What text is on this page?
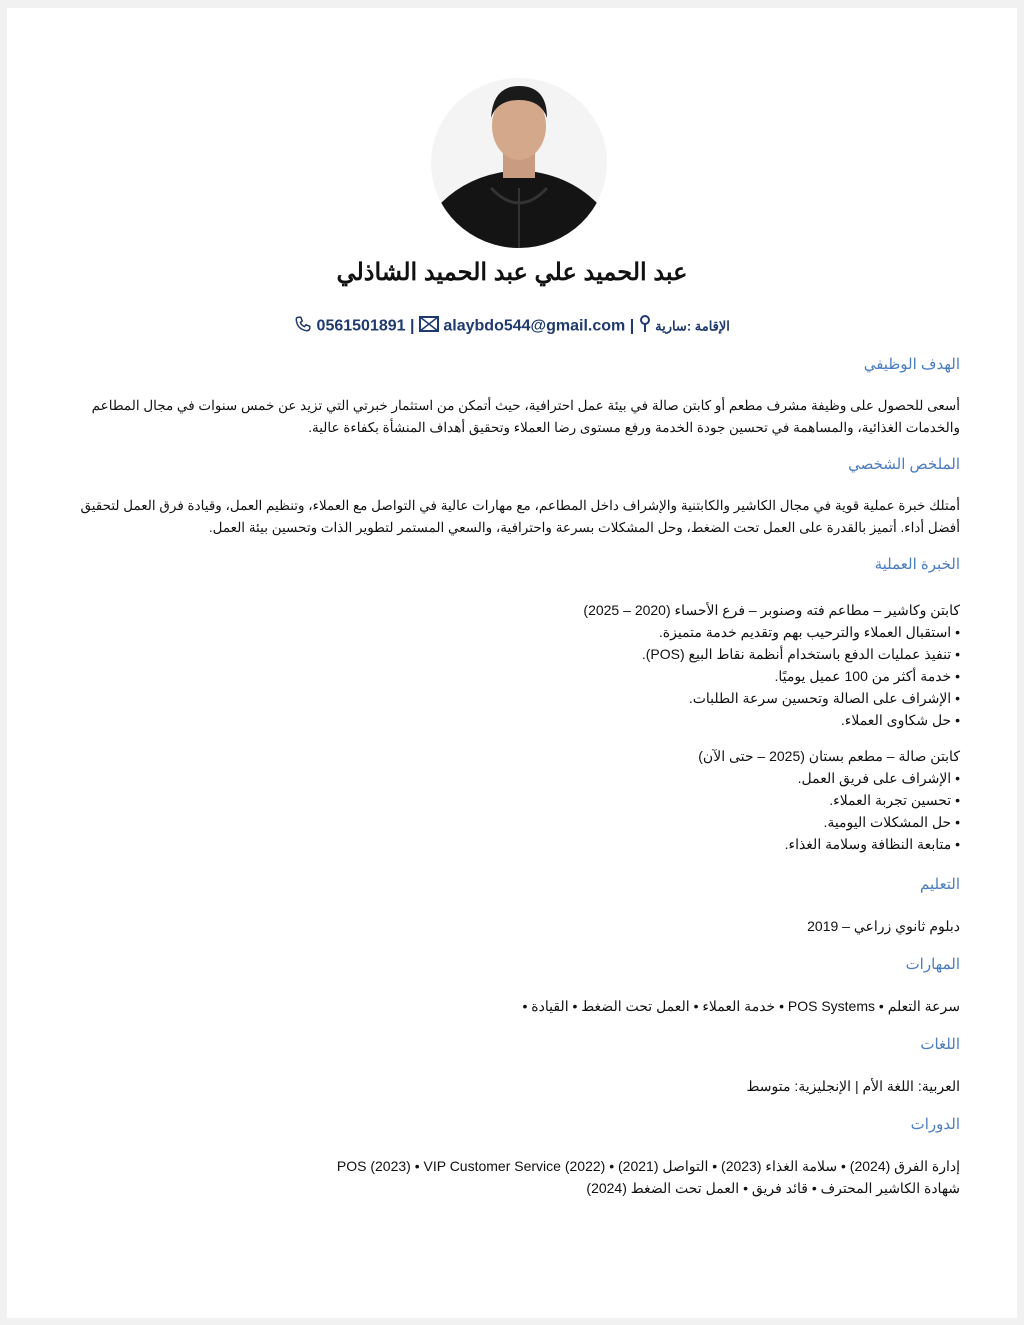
عبد الحميد علي عبد الحميد الشاذلي
0561501891 | alaybdo544@gmail.com | الإقامة :سارية
الهدف الوظيفي

أسعى للحصول على وظيفة مشرف مطعم أو كابتن صالة في بيئة عمل احترافية، حيث أتمكن من استثمار خبرتي التي تزيد عن خمس سنوات في مجال المطاعم والخدمات الغذائية، والمساهمة في تحسين جودة الخدمة ورفع مستوى رضا العملاء وتحقيق أهداف المنشأة بكفاءة عالية.

الملخص الشخصي

أمتلك خبرة عملية قوية في مجال الكاشير والكابتنية والإشراف داخل المطاعم، مع مهارات عالية في التواصل مع العملاء، وتنظيم العمل، وقيادة فرق العمل لتحقيق أفضل أداء. أتميز بالقدرة على العمل تحت الضغط، وحل المشكلات بسرعة واحترافية، والسعي المستمر لتطوير الذات وتحسين بيئة العمل.

الخبرة العملية
كابتن وكاشير – مطاعم فته وصنوبر – فرع الأحساء (2020 – 2025)
• استقبال العملاء والترحيب بهم وتقديم خدمة متميزة.
• تنفيذ عمليات الدفع باستخدام أنظمة نقاط البيع (POS).
• خدمة أكثر من 100 عميل يوميًا.
• الإشراف على الصالة وتحسين سرعة الطلبات.
• حل شكاوى العملاء.
كابتن صالة – مطعم بستان (2025 – حتى الآن)
• الإشراف على فريق العمل.
• تحسين تجربة العملاء.
• حل المشكلات اليومية.
• متابعة النظافة وسلامة الغذاء.
التعليم

دبلوم ثانوي زراعي – 2019

المهارات

سرعة التعلم • POS Systems • خدمة العملاء • العمل تحت الضغط • القيادة •

اللغات

العربية: اللغة الأم | الإنجليزية: متوسط

الدورات
إدارة الفرق (2024) • سلامة الغذاء (2023) • التواصل (2021) • POS (2023) • VIP Customer Service (2022)
شهادة الكاشير المحترف • قائد فريق • العمل تحت الضغط (2024)
